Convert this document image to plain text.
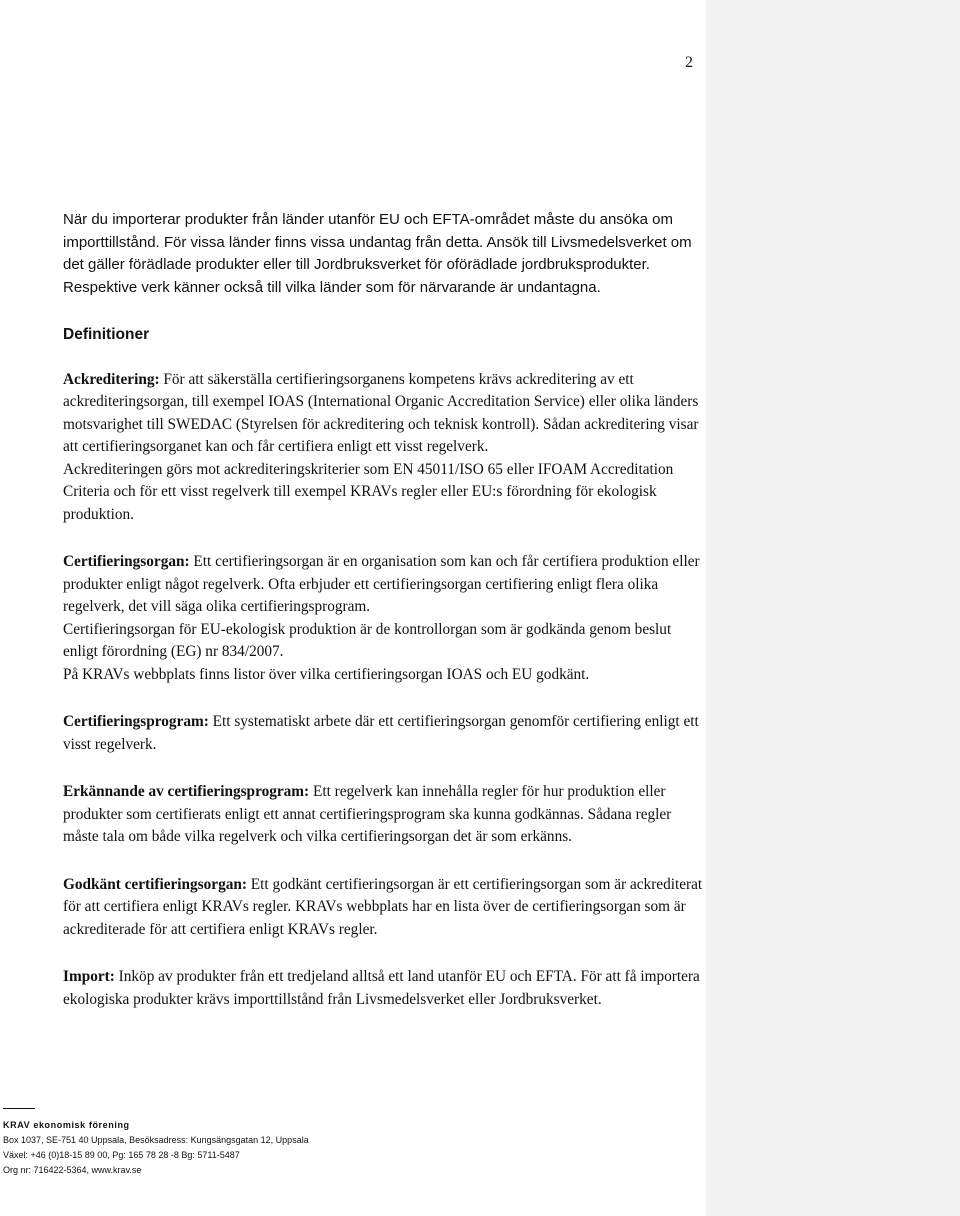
2

När du importerar produkter från länder utanför EU och EFTA-området måste du ansöka om importtillstånd. För vissa länder finns vissa undantag från detta. Ansök till Livsmedelsverket om det gäller förädlade produkter eller till Jordbruksverket för oförädlade jordbruksprodukter. Respektive verk känner också till vilka länder som för närvarande är undantagna.

Definitioner

Ackreditering: För att säkerställa certifieringsorganens kompetens krävs ackreditering av ett ackrediteringsorgan, till exempel IOAS (International Organic Accreditation Service) eller olika länders motsvarighet till SWEDAC (Styrelsen för ackreditering och teknisk kontroll). Sådan ackreditering visar att certifieringsorganet kan och får certifiera enligt ett visst regelverk.
Ackrediteringen görs mot ackrediteringskriterier som EN 45011/ISO 65 eller IFOAM Accreditation Criteria och för ett visst regelverk till exempel KRAVs regler eller EU:s förordning för ekologisk produktion.

Certifieringsorgan: Ett certifieringsorgan är en organisation som kan och får certifiera produktion eller produkter enligt något regelverk. Ofta erbjuder ett certifieringsorgan certifiering enligt flera olika regelverk, det vill säga olika certifieringsprogram.
Certifieringsorgan för EU-ekologisk produktion är de kontrollorgan som är godkända genom beslut enligt förordning (EG) nr 834/2007.
På KRAVs webbplats finns listor över vilka certifieringsorgan IOAS och EU godkänt.

Certifieringsprogram: Ett systematiskt arbete där ett certifieringsorgan genomför certifiering enligt ett visst regelverk.

Erkännande av certifieringsprogram: Ett regelverk kan innehålla regler för hur produktion eller produkter som certifierats enligt ett annat certifieringsprogram ska kunna godkännas. Sådana regler måste tala om både vilka regelverk och vilka certifieringsorgan det är som erkänns.

Godkänt certifieringsorgan: Ett godkänt certifieringsorgan är ett certifieringsorgan som är ackrediterat för att certifiera enligt KRAVs regler. KRAVs webbplats har en lista över de certifieringsorgan som är ackrediterade för att certifiera enligt KRAVs regler.

Import: Inköp av produkter från ett tredjeland alltså ett land utanför EU och EFTA. För att få importera ekologiska produkter krävs importtillstånd från Livsmedelsverket eller Jordbruksverket.

KRAV ekonomisk förening
Box 1037, SE-751 40 Uppsala, Besöksadress: Kungsängsgatan 12, Uppsala
Växel: +46 (0)18-15 89 00, Pg: 165 78 28 -8 Bg: 5711-5487
Org nr: 716422-5364, www.krav.se
